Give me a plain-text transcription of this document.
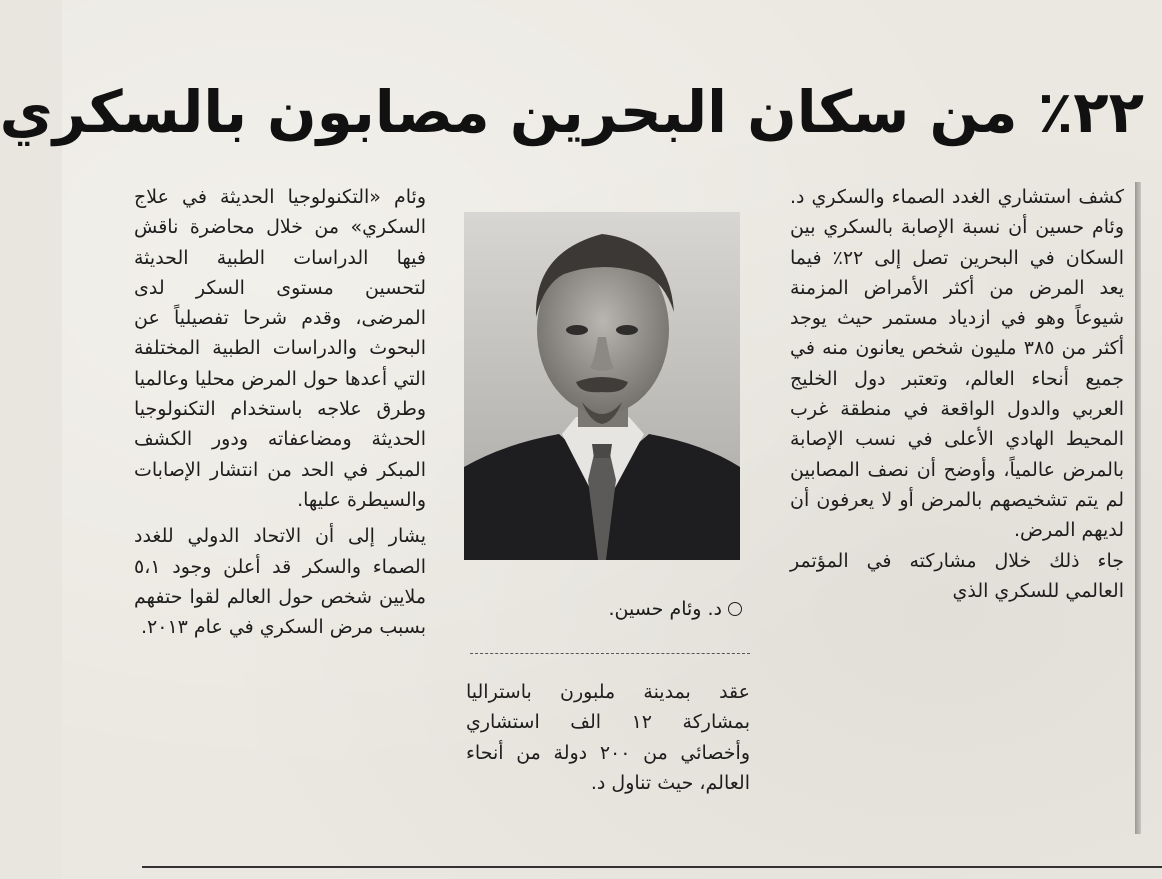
٢٢٪ من سكان البحرين مصابون بالسكري

كشف استشاري الغدد الصماء والسكري د. وئام حسين أن نسبة الإصابة بالسكري بين السكان في البحرين تصل إلى ٢٢٪ فيما يعد المرض من أكثر الأمراض المزمنة شيوعاً وهو في ازدياد مستمر حيث يوجد أكثر من ٣٨٥ مليون شخص يعانون منه في جميع أنحاء العالم، وتعتبر دول الخليج العربي والدول الواقعة في منطقة غرب المحيط الهادي الأعلى في نسب الإصابة بالمرض عالمياً، وأوضح أن نصف المصابين لم يتم تشخيصهم بالمرض أو لا يعرفون أن لديهم المرض.

جاء ذلك خلال مشاركته في المؤتمر العالمي للسكري الذي

د. وئام حسين.

عقد بمدينة ملبورن باستراليا بمشاركة ١٢ الف استشاري وأخصائي من ٢٠٠ دولة من أنحاء العالم، حيث تناول د.

وئام «التكنولوجيا الحديثة في علاج السكري» من خلال محاضرة ناقش فيها الدراسات الطبية الحديثة لتحسين مستوى السكر لدى المرضى، وقدم شرحا تفصيلياً عن البحوث والدراسات الطبية المختلفة التي أعدها حول المرض محليا وعالميا وطرق علاجه باستخدام التكنولوجيا الحديثة ومضاعفاته ودور الكشف المبكر في الحد من انتشار الإصابات والسيطرة عليها.

يشار إلى أن الاتحاد الدولي للغدد الصماء والسكر قد أعلن وجود ٥،١ ملايين شخص حول العالم لقوا حتفهم بسبب مرض السكري في عام ٢٠١٣.
